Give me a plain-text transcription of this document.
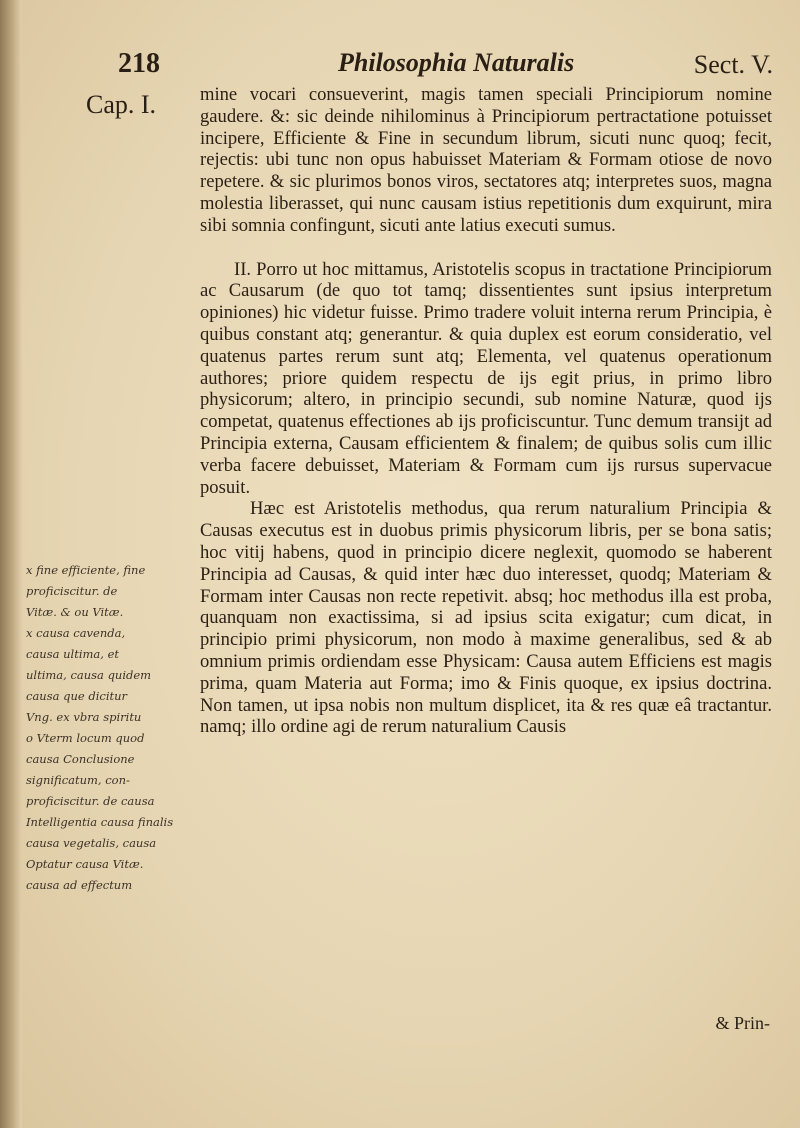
218	Philosophia Naturalis	Sect. V.
Cap. I. mine vocari consueverint, magis tamen speciali Principiorum nomine gaudere. &: sic deinde nihilominus à Principiorum pertractatione potuisset incipere, Efficiente & Fine in secundum librum, sicuti nunc quoq; fecit, rejectis: ubi tunc non opus habuisset Materiam & Formam otiose de novo repetere. & sic plurimos bonos viros, sectatores atq; interpretes suos, magna molestia liberasset, qui nunc causam istius repetitionis dum exquirunt, mira sibi somnia confingunt, sicuti ante latius executi sumus.

II. Porro ut hoc mittamus, Aristotelis scopus in tractatione Principiorum ac Causarum (de quo tot tamq; dissentientes sunt ipsius interpretum opiniones) hic videtur fuisse. Primo tradere voluit interna rerum Principia, è quibus constant atq; generantur. & quia duplex est eorum consideratio, vel quatenus partes rerum sunt atq; Elementa, vel quatenus operationum authores; priore quidem respectu de ijs egit prius, in primo libro physicorum; altero, in principio secundi, sub nomine Naturæ, quod ijs competat, quatenus effectiones ab ijs proficiscuntur. Tunc demum transijt ad Principia externa, Causam efficientem & finalem; de quibus solis cum illic verba facere debuisset, Materiam & Formam cum ijs rursus supervacue posuit.

Hæc est Aristotelis methodus, qua rerum naturalium Principia & Causas executus est in duobus primis physicorum libris, per se bona satis; hoc vitij habens, quod in principio dicere neglexit, quomodo se haberent Principia ad Causas, & quid inter hæc duo interesset, quodq; Materiam & Formam inter Causas non recte repetivit. absq; hoc methodus illa est proba, quanquam non exactissima, si ad ipsius scita exigatur; cum dicat, in principio primi physicorum, non modo à maxime generalibus, sed & ab omnium primis ordiendam esse Physicam: Causa autem Efficiens est magis prima, quam Materia aut Forma; imo & Finis quoque, ex ipsius doctrina. Non tamen, ut ipsa nobis non multum displicet, ita & res quæ eâ tractantur. namq; illo ordine agi de rerum naturalium Causis

x fine efficiente, fine
proficiscitur. de
Vitæ. & ou Vitæ.
x causa cavenda,
causa ultima, et
ultima, causa quidem
causa que dicitur
Vng. ex vbra spiritu
o Vterm locum quod
causa Conclusione
significatum, con-
proficiscitur. de causa
Intelligentia causa finalis
causa vegetalis, causa
Optatur causa Vitæ.
causa ad effectum
& Prin-
